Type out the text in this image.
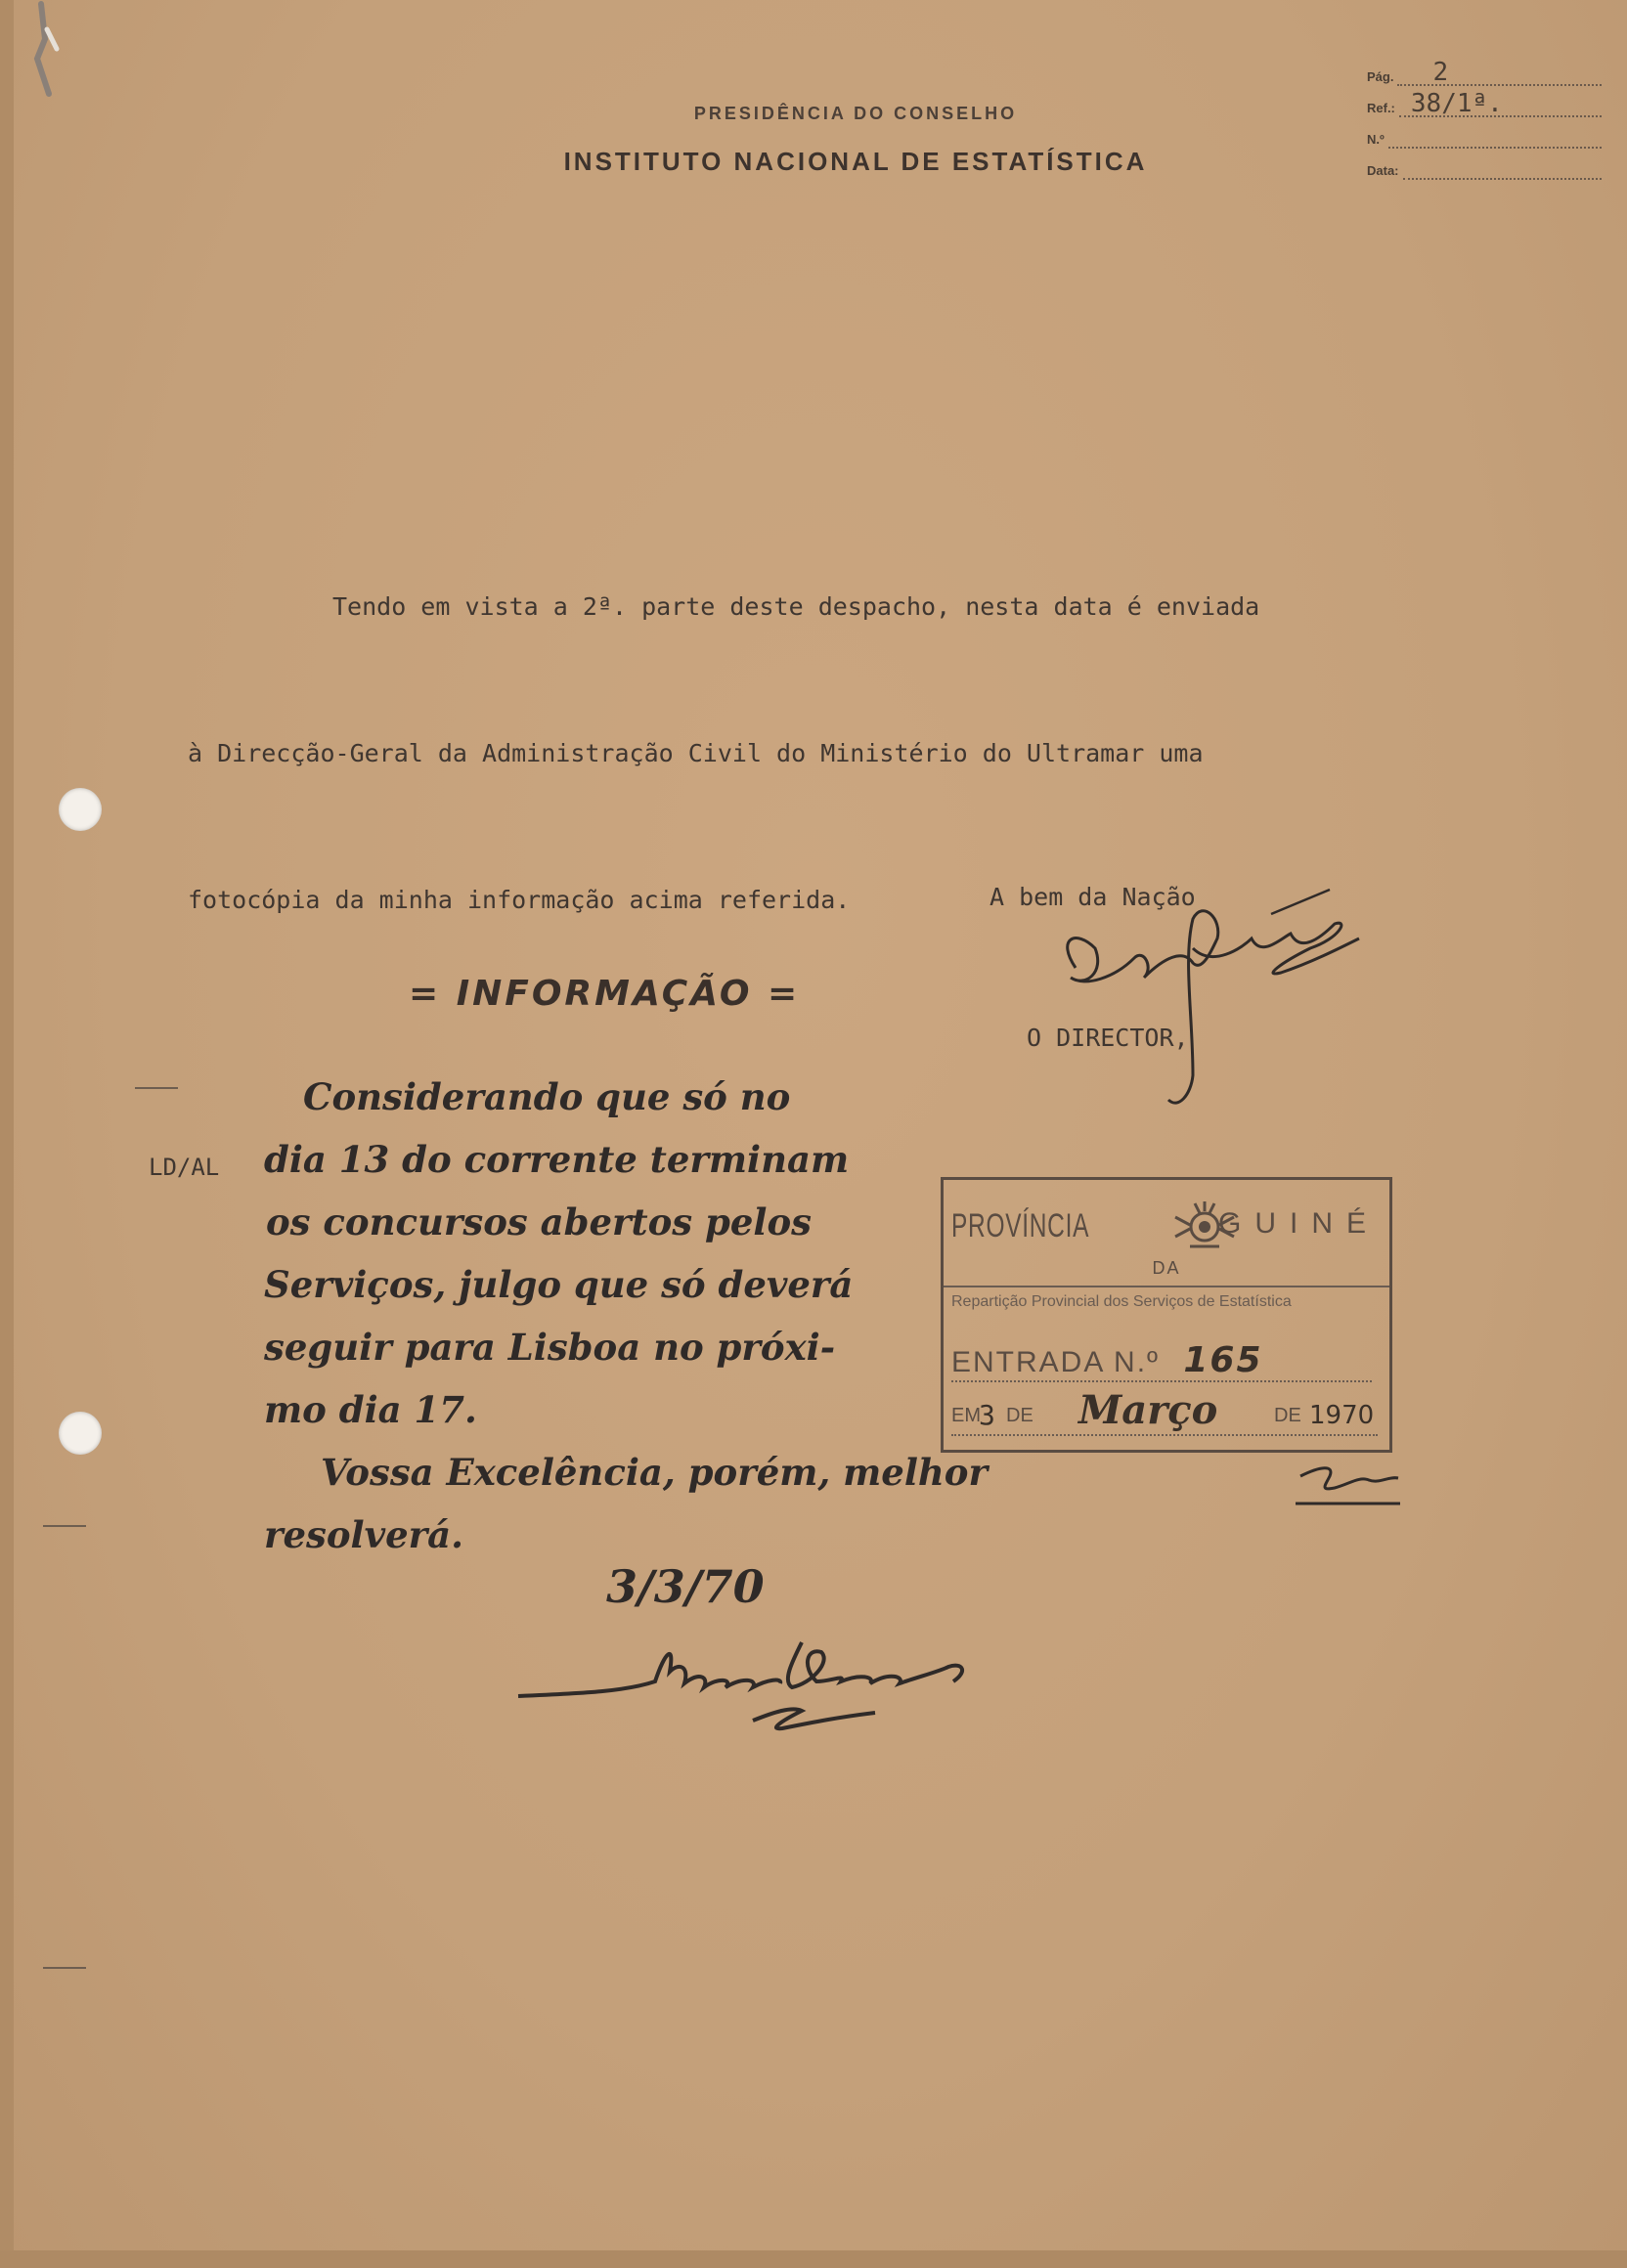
PRESIDÊNCIA DO CONSELHO
INSTITUTO NACIONAL DE ESTATÍSTICA
Pág.	2
Ref.: 38/1ª.
N.º
Data:

Tendo em vista a 2ª. parte deste despacho, nesta data é enviada

à Direcção-Geral da Administração Civil do Ministério do Ultramar uma

fotocópia da minha informação acima referida.

	A bem da Nação

O DIRECTOR,

= INFORMAÇÃO =
LD/AL
Considerando que só no
dia 13 do corrente terminam
os concursos abertos pelos
Serviços, julgo que só deverá
seguir para Lisboa no próxi-
mo dia 17.
Vossa Excelência, porém, melhor
resolverá.
3/3/70
PROVÍNCIA	GUINÉ
DA
Repartição Provincial dos Serviços de Estatística
ENTRADA N.º 165
EM
3 DE Março	DE 1970
